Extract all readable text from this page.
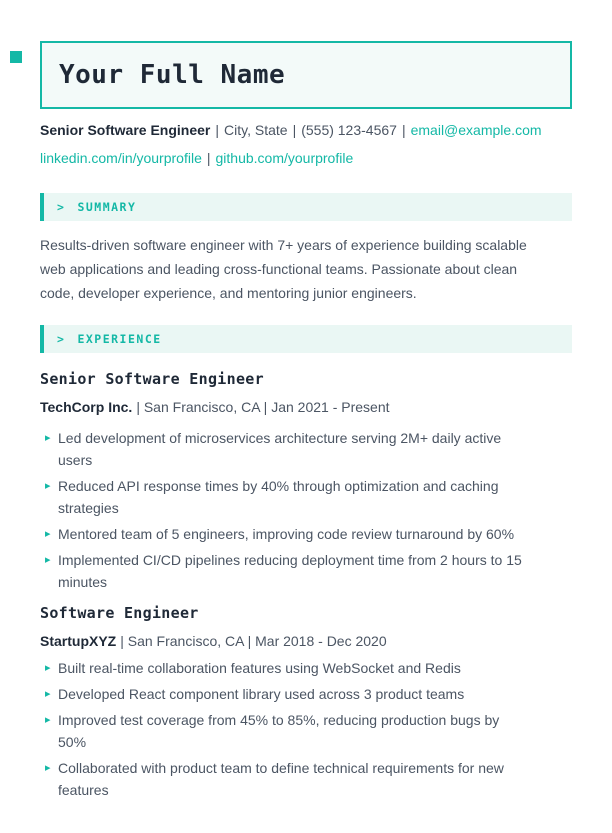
Your Full Name
Senior Software Engineer | City, State | (555) 123-4567 | email@example.com
linkedin.com/in/yourprofile | github.com/yourprofile
> SUMMARY

Results-driven software engineer with 7+ years of experience building scalable web applications and leading cross-functional teams. Passionate about clean code, developer experience, and mentoring junior engineers.

> EXPERIENCE
Senior Software Engineer
TechCorp Inc. | San Francisco, CA | Jan 2021 - Present
▸ Led development of microservices architecture serving 2M+ daily active users
▸ Reduced API response times by 40% through optimization and caching strategies
▸ Mentored team of 5 engineers, improving code review turnaround by 60%
▸ Implemented CI/CD pipelines reducing deployment time from 2 hours to 15 minutes
Software Engineer
StartupXYZ | San Francisco, CA | Mar 2018 - Dec 2020
▸ Built real-time collaboration features using WebSocket and Redis
▸ Developed React component library used across 3 product teams
▸ Improved test coverage from 45% to 85%, reducing production bugs by 50%
▸ Collaborated with product team to define technical requirements for new features
